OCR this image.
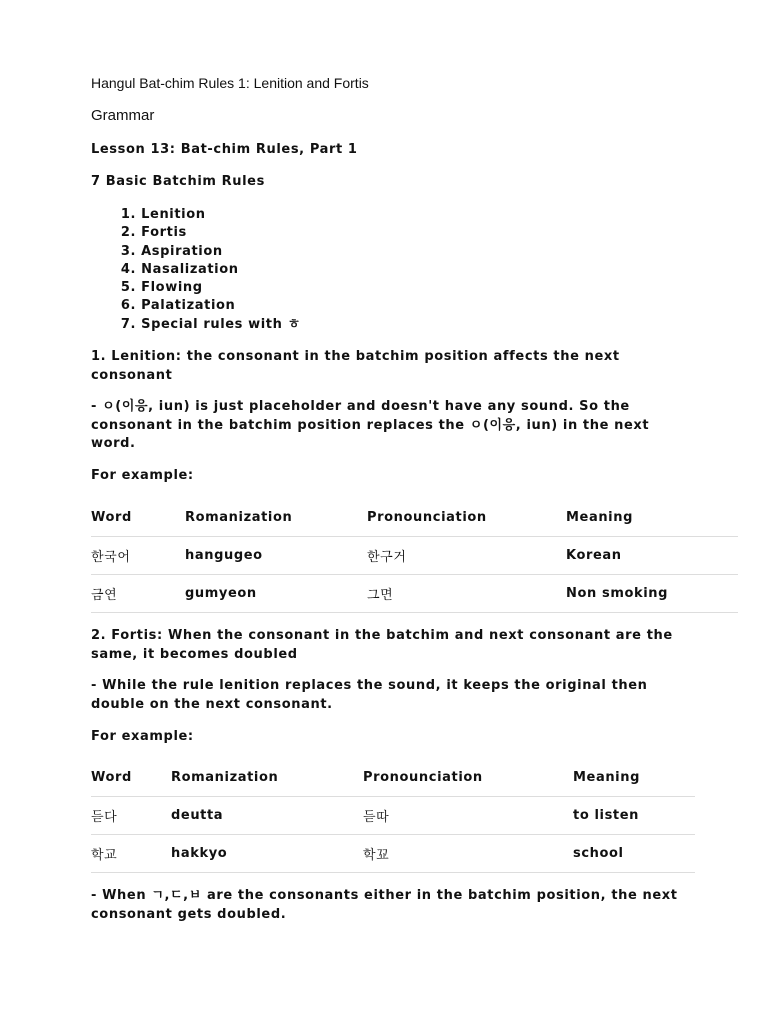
Hangul Bat-chim Rules 1: Lenition and Fortis
Grammar
Lesson 13: Bat-chim Rules, Part 1
7 Basic Batchim Rules
1. Lenition
2. Fortis
3. Aspiration
4. Nasalization
5. Flowing
6. Palatization
7. Special rules with ㅎ
1. Lenition: the consonant in the batchim position affects the next consonant
- ㅇ(이응, iun) is just placeholder and doesn't have any sound. So the consonant in the batchim position replaces the ㅇ(이응, iun) in the next word.
For example:
Word	Romanization	Pronounciation	Meaning
한국어	hangugeo	한구거	Korean
금연	gumyeon	그면	Non smoking
2. Fortis: When the consonant in the batchim and next consonant are the same, it becomes doubled
- While the rule lenition replaces the sound, it keeps the original then double on the next consonant.
For example:
Word	Romanization	Pronounciation	Meaning
듣다	deutta	듣따	to listen
학교	hakkyo	학꾜	school
- When ㄱ,ㄷ,ㅂ are the consonants either in the batchim position, the next consonant gets doubled.
